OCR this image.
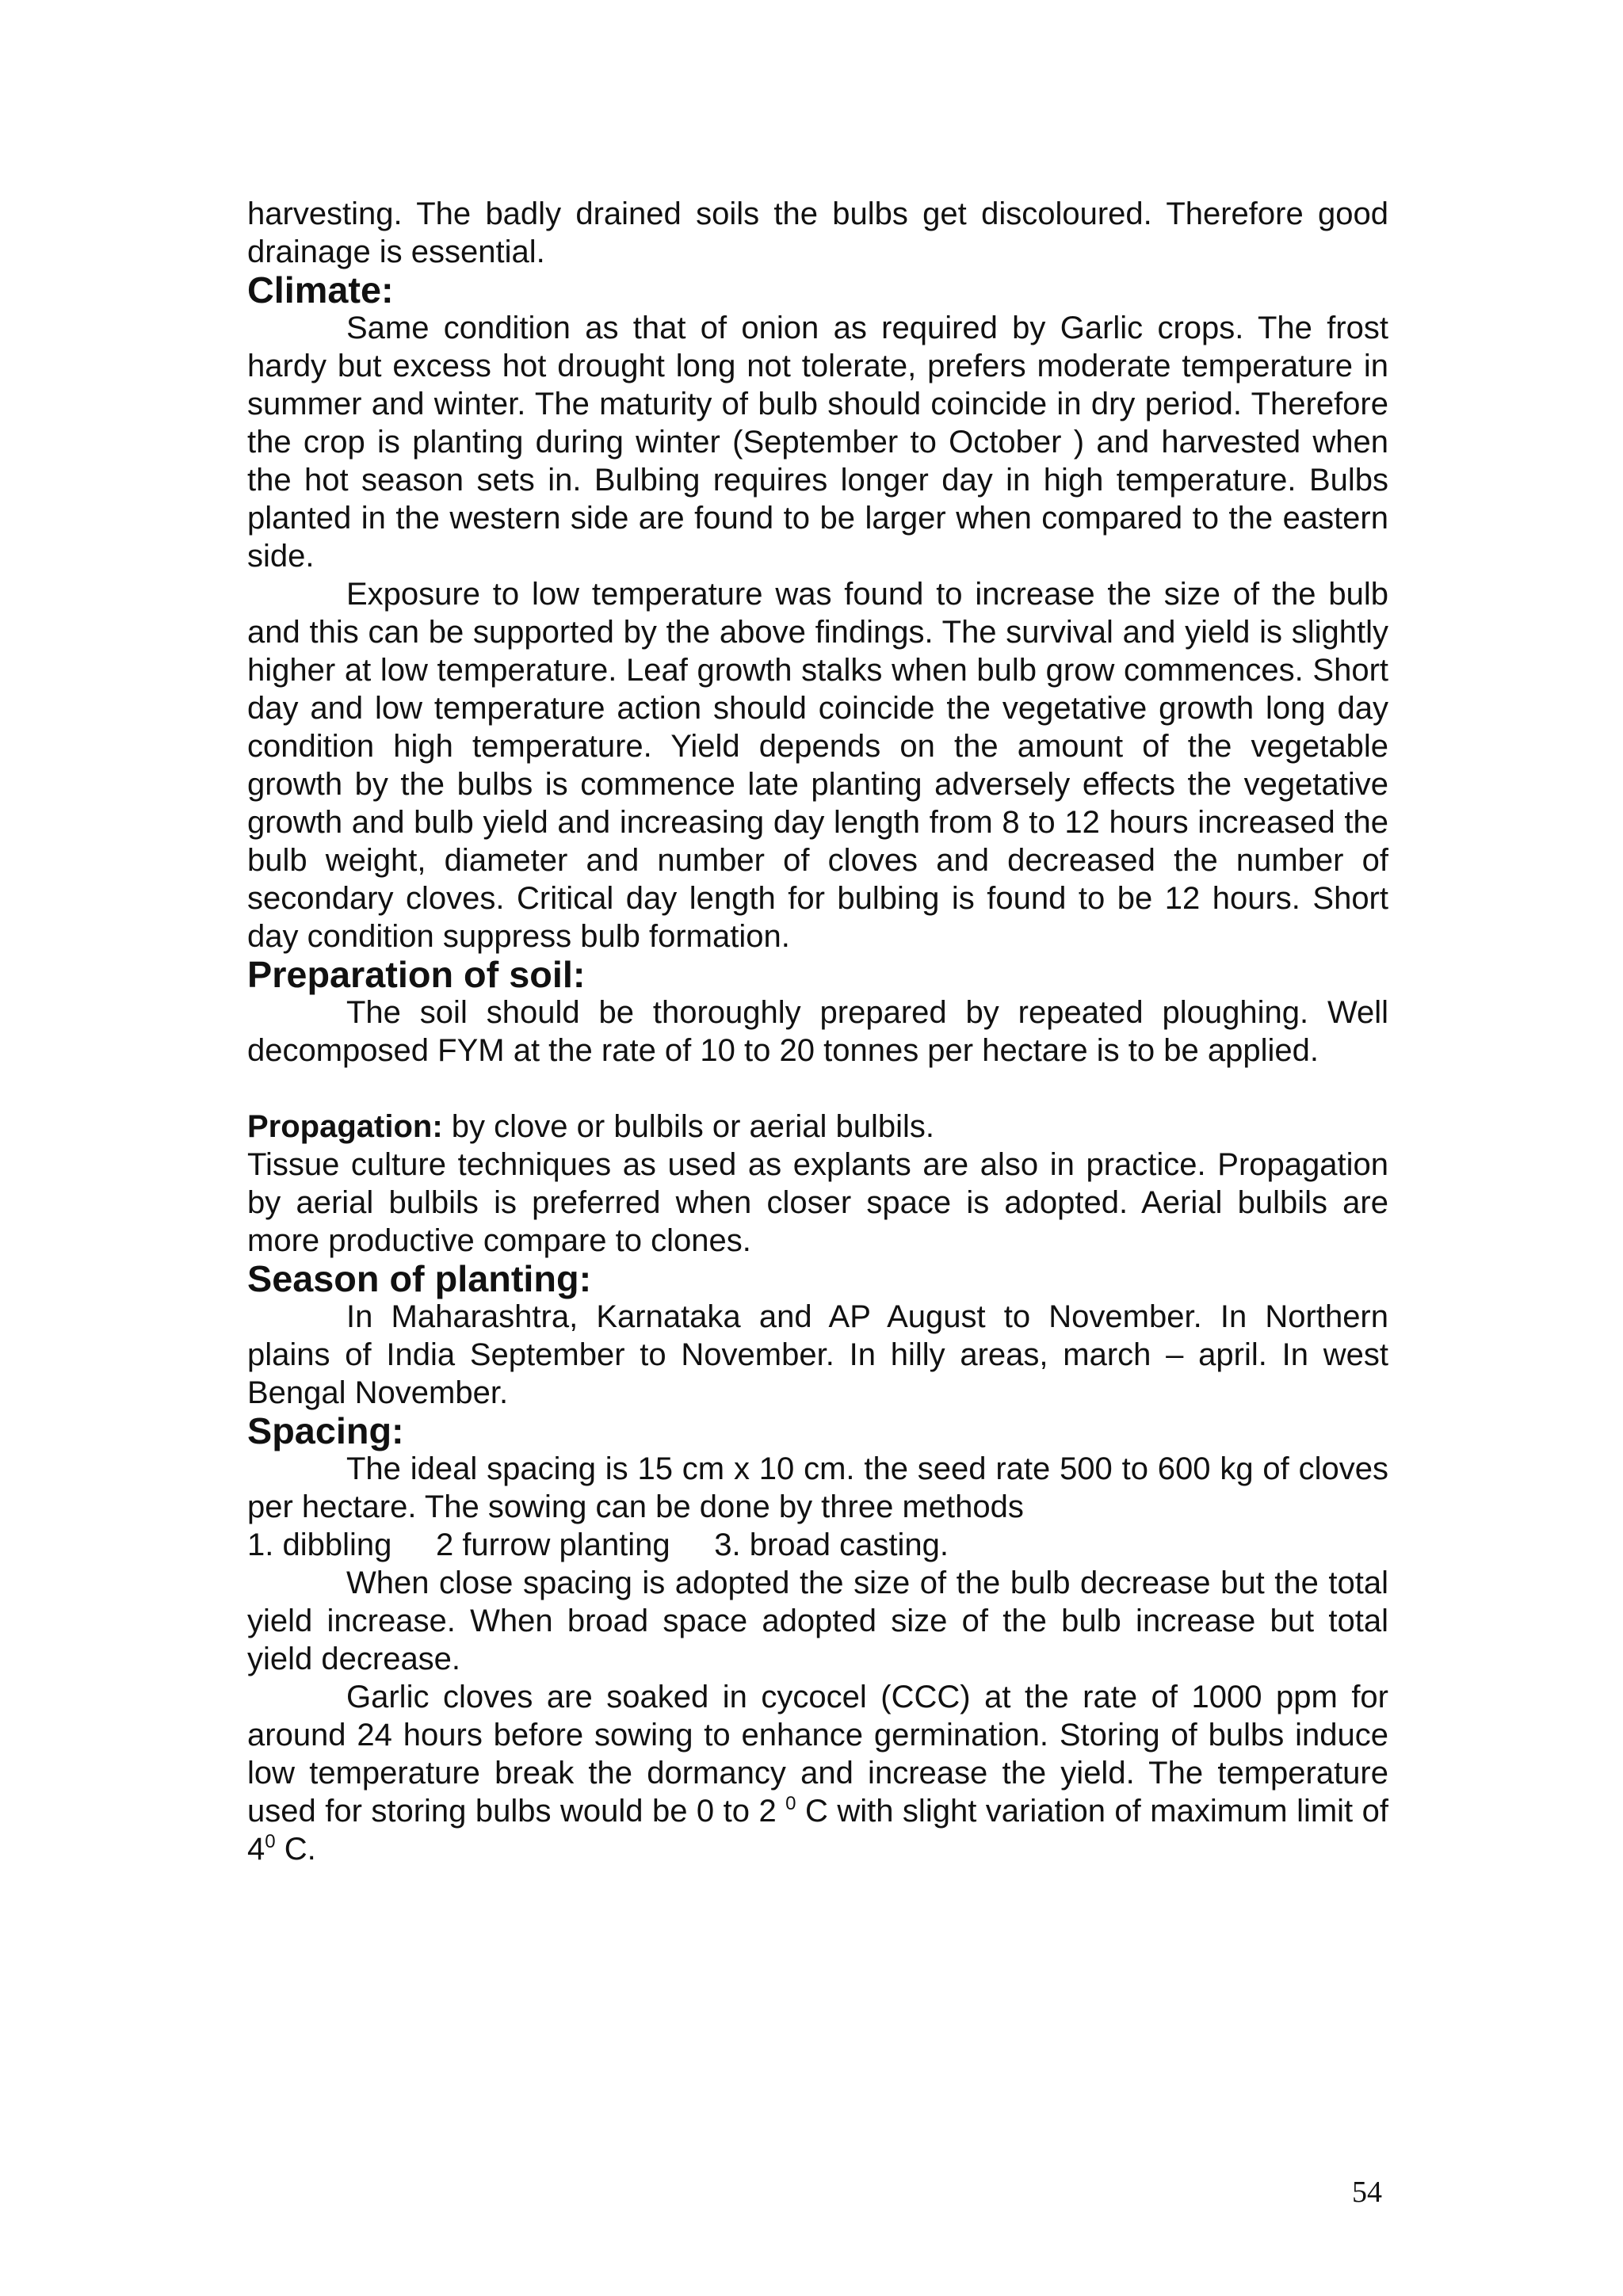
harvesting. The badly drained soils the bulbs get discoloured. Therefore good drainage is essential.

Climate:

Same condition as that of onion as required by Garlic crops. The frost hardy but excess hot drought long not tolerate, prefers moderate temperature in summer and winter. The maturity of bulb should coincide in dry period. Therefore the crop is planting during winter (September to October ) and harvested when the hot season sets in. Bulbing requires longer day in high temperature. Bulbs planted in the western side are found to be larger when compared to the eastern side.

Exposure to low temperature was found to increase the size of the bulb and this can be supported by the above findings. The survival and yield is slightly higher at low temperature. Leaf growth stalks when bulb grow commences. Short day and low temperature action should coincide the vegetative growth long day condition high temperature. Yield depends on the amount of the vegetable growth by the bulbs is commence late planting adversely effects the vegetative growth and bulb yield and increasing day length from 8 to 12 hours increased the bulb weight, diameter and number of cloves and decreased the number of secondary cloves. Critical day length for bulbing is found to be 12 hours. Short day condition suppress bulb formation.

Preparation of soil:

The soil should be thoroughly prepared by repeated ploughing. Well decomposed FYM at the rate of 10 to 20 tonnes per hectare is to be applied.

Propagation: by clove or bulbils or aerial bulbils.

Tissue culture techniques as used as explants are also in practice. Propagation by aerial bulbils is preferred when closer space is adopted. Aerial bulbils are more productive compare to clones.

Season of planting:

In Maharashtra, Karnataka and AP August to November. In Northern plains of India September to November. In hilly areas, march – april. In west Bengal November.

Spacing:

The ideal spacing is 15 cm x 10 cm. the seed rate 500 to 600 kg of cloves per hectare. The sowing can be done by three methods

1. dibbling 2 furrow planting 3. broad casting.

When close spacing is adopted the size of the bulb decrease but the total yield increase. When broad space adopted size of the bulb increase but total yield decrease.

Garlic cloves are soaked in cycocel (CCC) at the rate of 1000 ppm for around 24 hours before sowing to enhance germination. Storing of bulbs induce low temperature break the dormancy and increase the yield. The temperature used for storing bulbs would be 0 to 2 $^0$ C with slight variation of maximum limit of $4^0$ C.

54
